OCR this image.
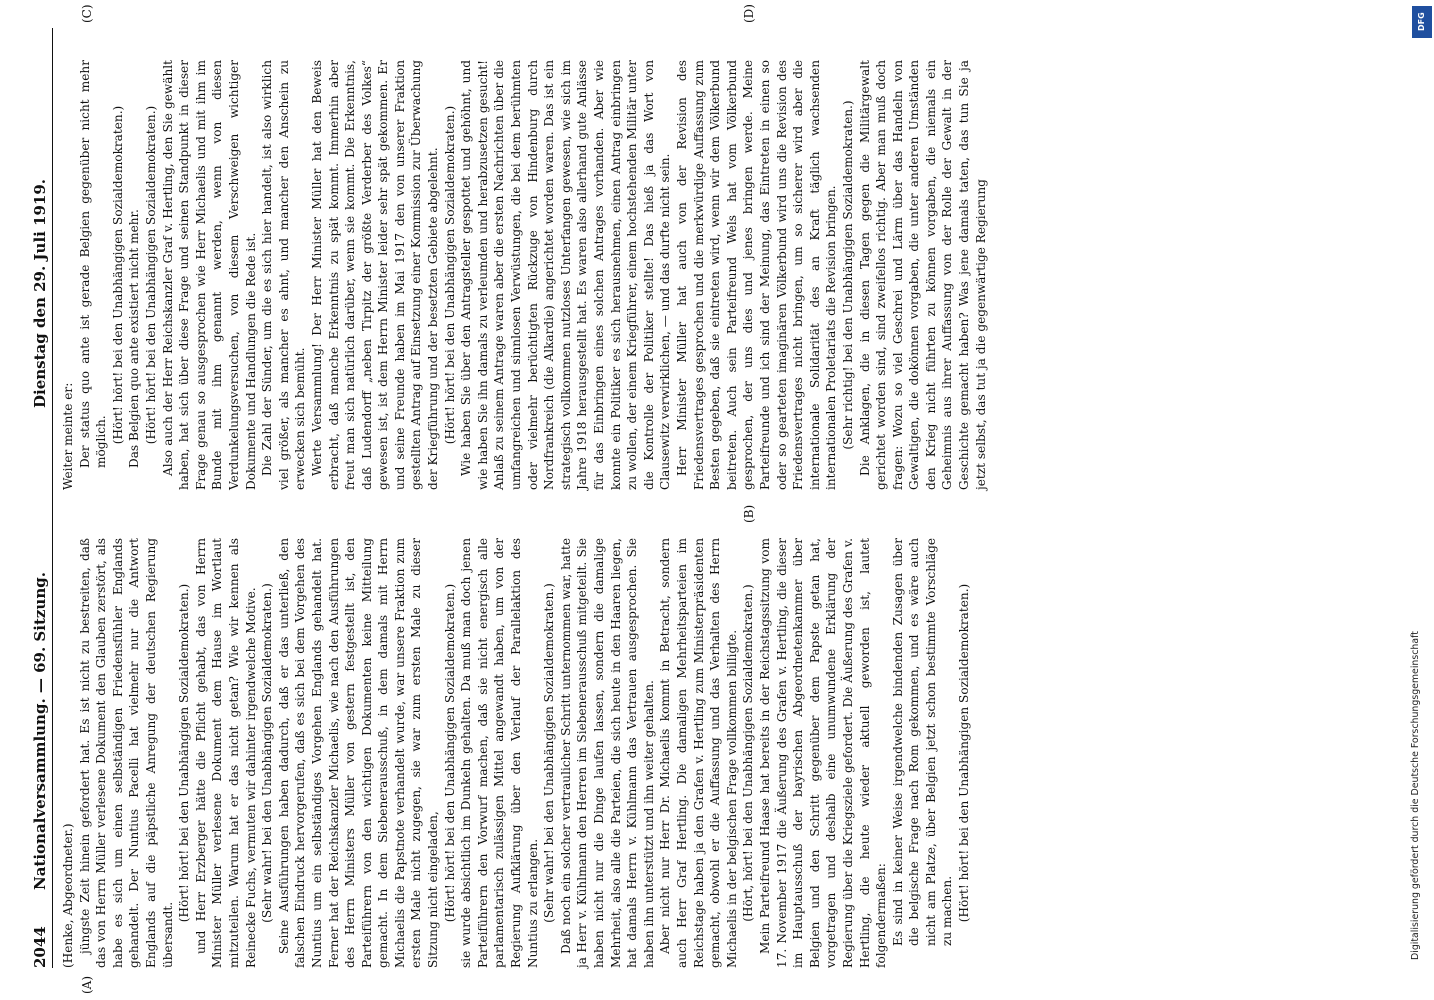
2044
Nationalversammlung. — 69. Sitzung.
Dienstag den 29. Juli 1919.
(A)
(B)
(C)	(D)

(Henke, Abgeordneter.) jüngste Zeit hinein gefordert hat. Es ist nicht zu bestreiten, daß das von Herrn Müller verlesene Dokument den Glauben zerstört, als habe es sich um einen selbständigen Friedensfühler Englands gehandelt. Der Nuntius Pacelli hat vielmehr nur die Antwort Englands auf die päpstliche Anregung der deutschen Regierung übersandt.

(Hört! hört! bei den Unabhängigen Sozialdemokraten.) und Herr Erzberger hätte die Pflicht gehabt, das von Herrn Minister Müller verlesene Dokument dem Hause im Wortlaut mitzuteilen. Warum hat er das nicht getan? Wie wir kennen als Reinecke Fuchs, vermuten wir dahinter irgendwelche Motive. (Sehr wahr! bei den Unabhängigen Sozialdemokraten.) Seine Ausführungen haben dadurch, daß er das unterließ, den falschen Eindruck hervorgerufen, daß es sich bei dem Vorgehen des Nuntius um ein selbständiges Vorgehen Englands gehandelt hat. Ferner hat der Reichskanzler Michaelis, wie nach den Ausführungen des Herrn Ministers Müller von gestern festgestellt ist, den Parteiführern von den wichtigen Dokumenten keine Mitteilung gemacht. In dem Siebenerausschuß, in dem damals mit Herrn Michaelis die Papstnote verhandelt wurde, war unsere Fraktion zum ersten Male nicht zugegen, sie war zum ersten Male zu dieser Sitzung nicht eingeladen, (Hört! hört! bei den Unabhängigen Sozialdemokraten.) sie wurde absichtlich im Dunkeln gehalten. Da muß man doch jenen Parteiführern den Vorwurf machen, daß sie nicht energisch alle parlamentarisch zulässigen Mittel angewandt haben, um von der Regierung Aufklärung über den Verlauf der Parallelaktion des Nuntius zu erlangen. (Sehr wahr! bei den Unabhängigen Sozialdemokraten.) Daß noch ein solcher vertraulicher Schritt unternommen war, hatte ja Herr v. Kühlmann den Herren im Siebenerausschuß mitgeteilt. Sie haben nicht nur die Dinge laufen lassen, sondern die damalige Mehrheit, also alle die Parteien, die sich heute in den Haaren liegen, hat damals Herrn v. Kühlmann das Vertrauen ausgesprochen. Sie haben ihn unterstützt und ihn weiter gehalten. Aber nicht nur Herr Dr. Michaelis kommt in Betracht, sondern auch Herr Graf Hertling. Die damaligen Mehrheitsparteien im Reichstage haben ja den Grafen v. Hertling zum Ministerpräsidenten gemacht, obwohl er die Auffassung und das Verhalten des Herrn Michaelis in der belgischen Frage vollkommen billigte. (Hört, hört! bei den Unabhängigen Sozialdemokraten.) Mein Parteifreund Haase hat bereits in der Reichstagssitzung vom 17. November 1917 die Äußerung des Grafen v. Hertling, die dieser im Hauptausschuß der bayrischen Abgeordnetenkammer über Belgien und den Schritt gegenüber dem Papste getan hat, vorgetragen und deshalb eine unumwundene Erklärung der Regierung über die Kriegsziele gefordert. Die Äußerung des Grafen v. Hertling, die heute wieder aktuell geworden ist, lautet folgendermaßen: Es sind in keiner Weise irgendwelche bindenden Zusagen über die belgische Frage nach Rom gekommen, und es wäre auch nicht am Platze, über Belgien jetzt schon bestimmte Vorschläge zu machen. (Hört! hört! bei den Unabhängigen Sozialdemokraten.)

Weiter meinte er: Der status quo ante ist gerade Belgien gegenüber nicht mehr möglich. (Hört! hört! bei den Unabhängigen Sozialdemokraten.) Das Belgien quo ante existiert nicht mehr. (Hört! hört! bei den Unabhängigen Sozialdemokraten.) Also auch der Herr Reichskanzler Graf v. Hertling, den Sie gewählt haben, hat sich über diese Frage und seinen Standpunkt in dieser Frage genau so ausgesprochen wie Herr Michaelis und mit ihm im Bunde mit ihm genannt werden, wenn von diesen Verdunkelungsversuchen, von diesem Verschweigen wichtiger Dokumente und Handlungen die Rede ist. Die Zahl der Sünder, um die es sich hier handelt, ist also wirklich viel größer, als mancher es ahnt, und mancher den Anschein zu erwecken sich bemüht. Werte Versammlung! Der Herr Minister Müller hat den Beweis erbracht, daß manche Erkenntnis zu spät kommt. Immerhin aber freut man sich natürlich darüber, wenn sie kommt. Die Erkenntnis, daß Ludendorff „neben Tirpitz der größte Verderber des Volkes“ gewesen ist, ist dem Herrn Minister leider sehr spät gekommen. Er und seine Freunde haben im Mai 1917 den von unserer Fraktion gestellten Antrag auf Einsetzung einer Kommission zur Überwachung der Kriegführung und der besetzten Gebiete abgelehnt. (Hört! hört! bei den Unabhängigen Sozialdemokraten.) Wie haben Sie über den Antragsteller gespottet und gehöhnt, und wie haben Sie ihn damals zu verleumden und herabzusetzen gesucht! Anlaß zu seinem Antrage waren aber die ersten Nachrichten über die umfangreichen und sinnlosen Verwüstungen, die bei dem berühmten oder vielmehr berüchtigten Rückzuge von Hindenburg durch Nordfrankreich (die Alkardie) angerichtet worden waren. Das ist ein strategisch vollkommen nutzloses Unterfangen gewesen, wie sich im Jahre 1918 herausgestellt hat. Es waren also allerhand gute Anlässe für das Einbringen eines solchen Antrages vorhanden. Aber wie konnte ein Politiker es sich herausnehmen, einen Antrag einbringen zu wollen, der einem Kriegführer, einem hochstehenden Militär unter die Kontrolle der Politiker stellte! Das hieß ja das Wort von Clausewitz verwirklichen, — und das durfte nicht sein. Herr Minister Müller hat auch von der Revision des Friedensvertrages gesprochen und die merkwürdige Auffassung zum Besten gegeben, daß sie eintreten wird, wenn wir dem Völkerbund beitreten. Auch sein Parteifreund Wels hat vom Völkerbund gesprochen, der uns dies und jenes bringen werde. Meine Parteifreunde und ich sind der Meinung, das Eintreten in einen so oder so gearteten imaginären Völkerbund wird uns die Revision des Friedensvertrages nicht bringen, um so sicherer wird aber die internationale Solidarität des an Kraft täglich wachsenden internationalen Proletariats die Revision bringen. (Sehr richtig! bei den Unabhängigen Sozialdemokraten.) Die Anklagen, die in diesen Tagen gegen die Militärgewalt gerichtet worden sind, sind zweifellos richtig. Aber man muß doch fragen: Wozu so viel Geschrei und Lärm über das Handeln von Gewaltigen, die dokönnen vorgaben, die unter anderen Umständen den Krieg nicht führten zu können vorgaben, die niemals ein Geheimnis aus ihrer Auffassung von der Rolle der Gewalt in der Geschichte gemacht haben? Was jene damals taten, das tun Sie ja jetzt selbst, das tut ja die gegenwärtige Regierung

DFG
Digitalisierung gefördert durch die Deutsche Forschungsgemeinschaft
